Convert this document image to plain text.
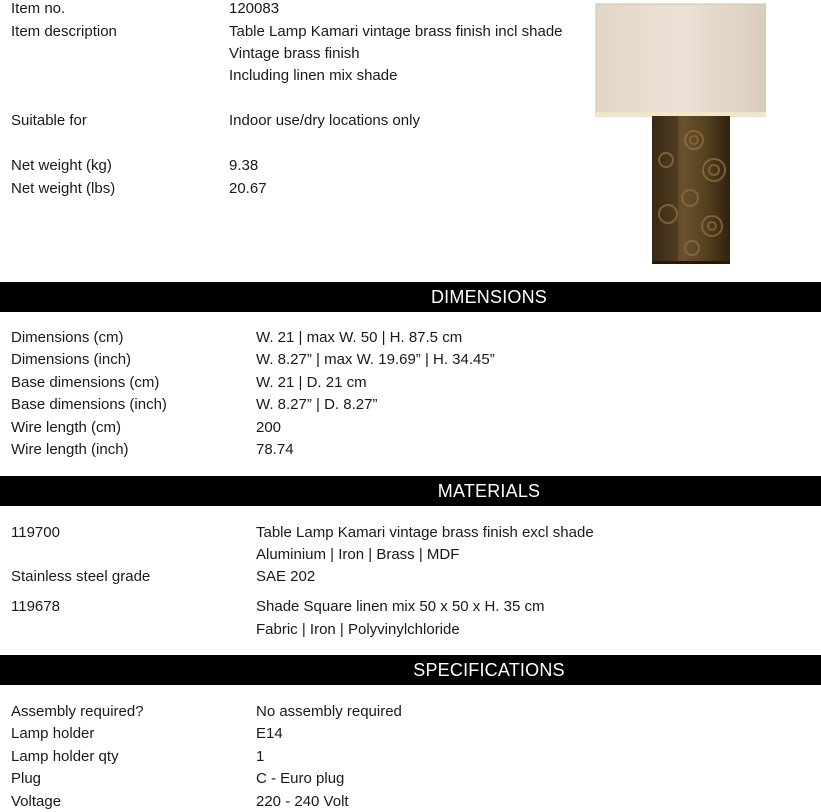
Item no.	120083
Item description	Table Lamp Kamari vintage brass finish incl shade
Vintage brass finish
Including linen mix shade
Suitable for	Indoor use/dry locations only
Net weight (kg)	9.38
Net weight (lbs)	20.67
DIMENSIONS
Dimensions (cm)	W. 21 | max W. 50 | H. 87.5 cm
Dimensions (inch)	W. 8.27” | max W. 19.69” | H. 34.45”
Base dimensions (cm)	W. 21 | D. 21 cm
Base dimensions (inch)	W. 8.27” | D. 8.27”
Wire length (cm)	200
Wire length (inch)	78.74
MATERIALS
119700	Table Lamp Kamari vintage brass finish excl shade
Aluminium | Iron | Brass | MDF
Stainless steel grade	SAE 202
119678	Shade Square linen mix 50 x 50 x H. 35 cm
Fabric | Iron | Polyvinylchloride
SPECIFICATIONS
Assembly required?	No assembly required
Lamp holder	E14
Lamp holder qty	1
Plug	C - Euro plug
Voltage	220 - 240 Volt
